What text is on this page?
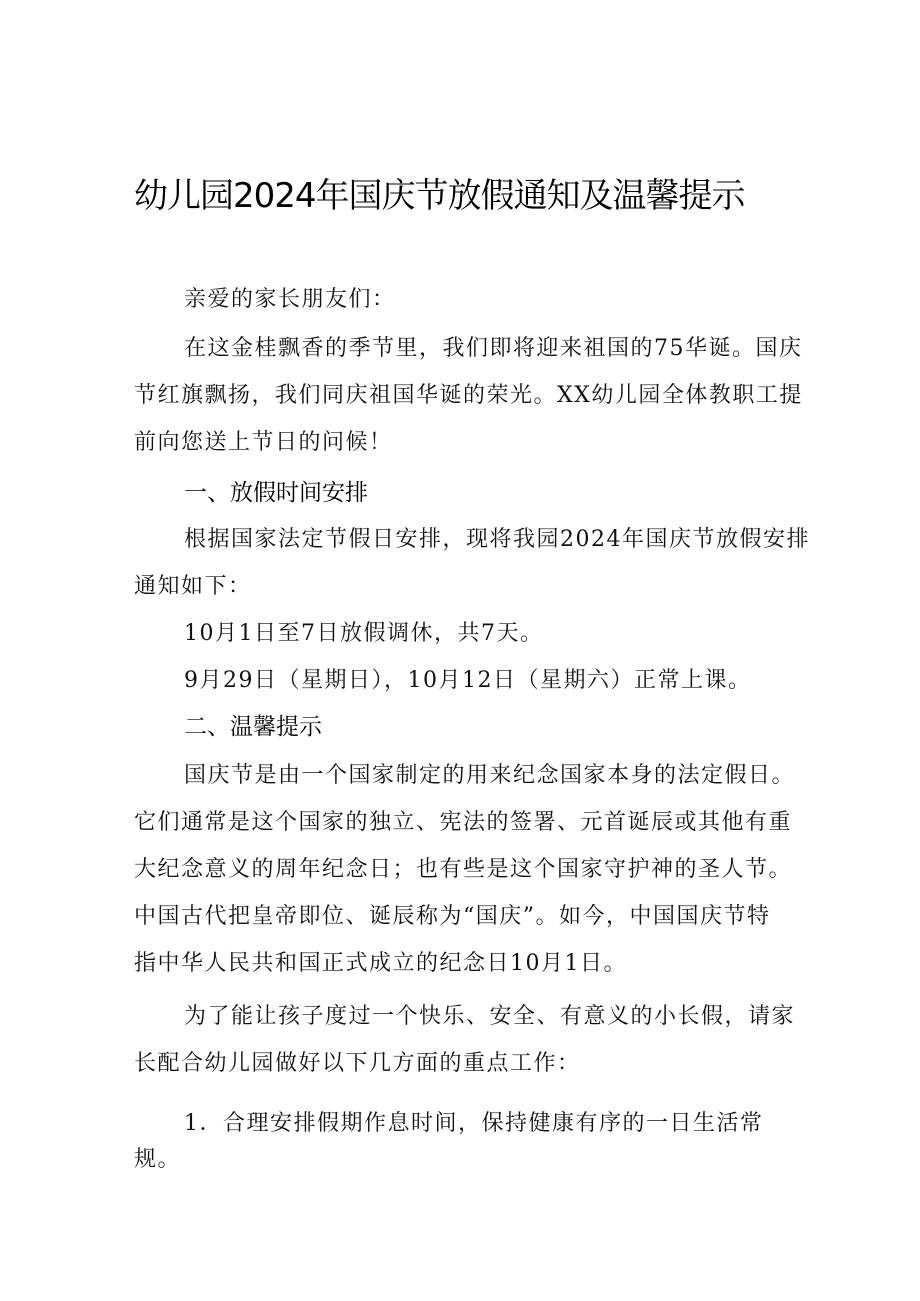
幼儿园2024年国庆节放假通知及温馨提示

亲爱的家长朋友们：

在这金桂飘香的季节里，我们即将迎来祖国的75华诞。国庆
节红旗飘扬，我们同庆祖国华诞的荣光。XX幼儿园全体教职工提
前向您送上节日的问候！

一、放假时间安排

根据国家法定节假日安排，现将我园2024年国庆节放假安排
通知如下：

10月1日至7日放假调休，共7天。

9月29日（星期日），10月12日（星期六）正常上课。

二、温馨提示

国庆节是由一个国家制定的用来纪念国家本身的法定假日。
它们通常是这个国家的独立、宪法的签署、元首诞辰或其他有重
大纪念意义的周年纪念日；也有些是这个国家守护神的圣人节。
中国古代把皇帝即位、诞辰称为“国庆”。如今，中国国庆节特
指中华人民共和国正式成立的纪念日10月1日。

为了能让孩子度过一个快乐、安全、有意义的小长假，请家
长配合幼儿园做好以下几方面的重点工作：

1．合理安排假期作息时间，保持健康有序的一日生活常
规。
